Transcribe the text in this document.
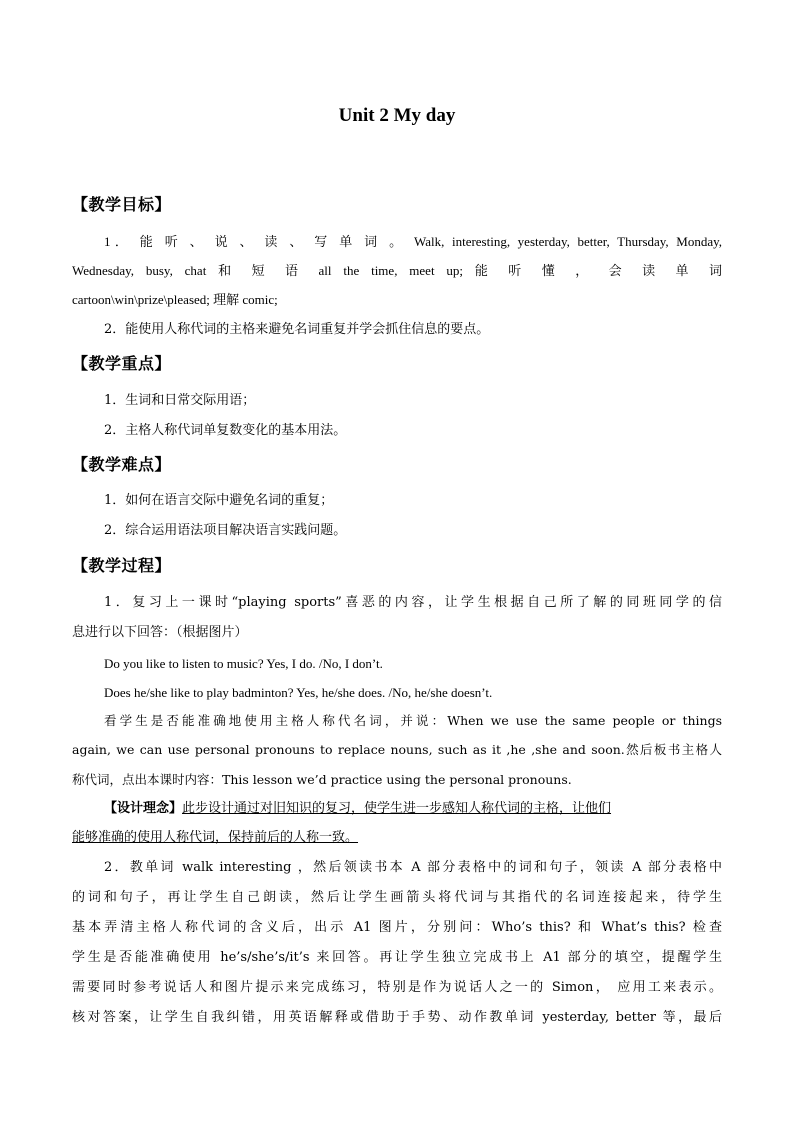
Unit 2 My day
【教学目标】
1． 能 听 、 说 、 读 、 写 单 词 。 Walk, interesting, yesterday, better, Thursday, Monday,
Wednesday, busy, chat 和 短 语 all the time, meet up; 能 听 懂 ， 会 读 单 词
cartoon\win\prize\pleased; 理解 comic;
2．能使用人称代词的主格来避免名词重复并学会抓住信息的要点。
【教学重点】
1．生词和日常交际用语；
2．主格人称代词单复数变化的基本用法。
【教学难点】
1．如何在语言交际中避免名词的重复；
2．综合运用语法项目解决语言实践问题。
【教学过程】
1．复习上一课时“playing sports”喜恶的内容，让学生根据自己所了解的同班同学的信
息进行以下回答：（根据图片）
Do you like to listen to music? Yes, I do. /No, I don’t.
Does he/she like to play badminton? Yes, he/she does. /No, he/she doesn’t.
看学生是否能准确地使用主格人称代名词，并说：When we use the same people or things
again, we can use personal pronouns to replace nouns, such as it ,he ,she and soon.然后板书主格人
称代词，点出本课时内容：This lesson we’d practice using the personal pronouns.
【设计理念】此步设计通过对旧知识的复习，使学生进一步感知人称代词的主格，让他们
能够准确的使用人称代词，保持前后的人称一致。
2．教单词 walk interesting ，然后领读书本 A 部分表格中的词和句子，领读 A 部分表格中
的词和句子，再让学生自己朗读，然后让学生画箭头将代词与其指代的名词连接起来，待学生
基本弄清主格人称代词的含义后，出示 A1 图片，分别问：Who’s this? 和 What’s this? 检查
学生是否能准确使用 he’s/she’s/it’s 来回答。再让学生独立完成书上 A1 部分的填空，提醒学生
需要同时参考说话人和图片提示来完成练习，特别是作为说话人之一的 Simon， 应用工来表示。
核对答案，让学生自我纠错，用英语解释或借助于手势、动作教单词 yesterday, better 等，最后
